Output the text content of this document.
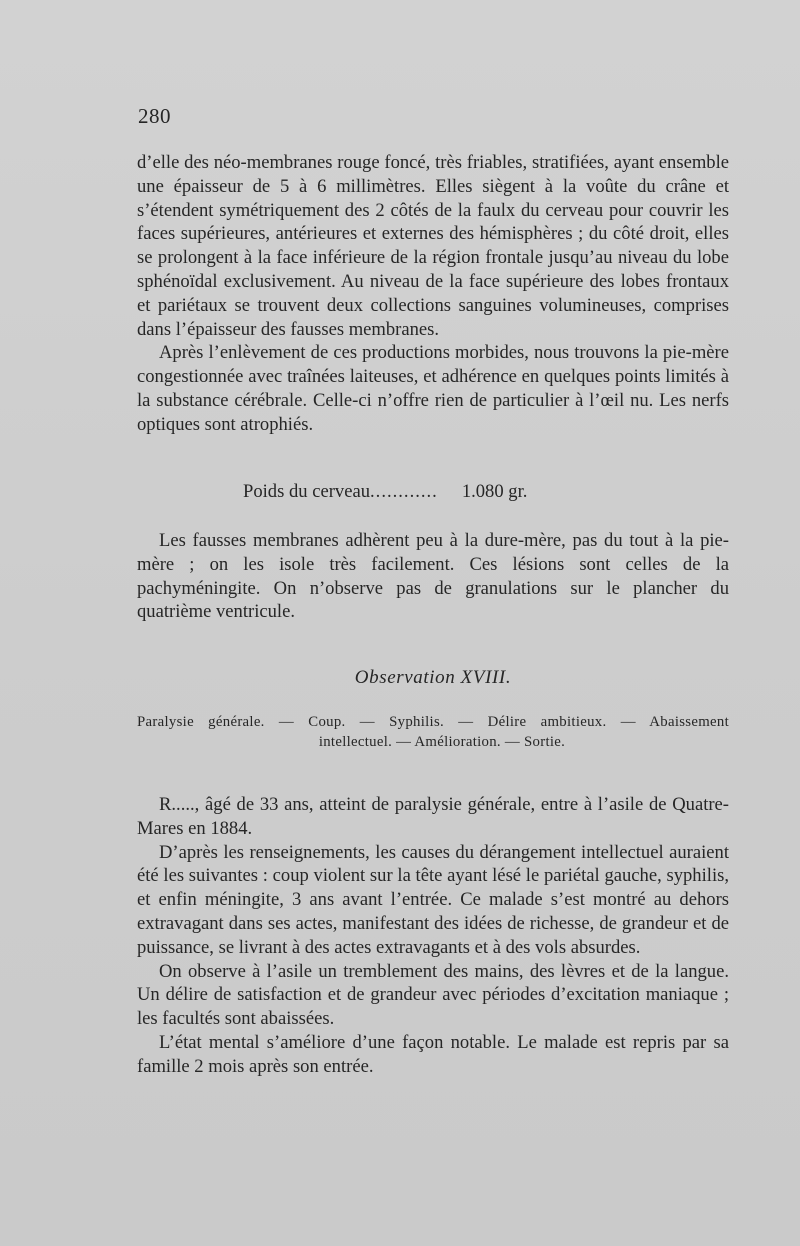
280

d’elle des néo-membranes rouge foncé, très friables, stratifiées, ayant ensemble une épaisseur de 5 à 6 millimètres. Elles siègent à la voûte du crâne et s’étendent symétriquement des 2 côtés de la faulx du cerveau pour couvrir les faces supérieures, antérieures et externes des hémisphères ; du côté droit, elles se prolongent à la face inférieure de la région frontale jusqu’au niveau du lobe sphénoïdal exclusivement. Au niveau de la face supérieure des lobes frontaux et pariétaux se trouvent deux collections sanguines volumineuses, comprises dans l’épaisseur des fausses membranes.

Après l’enlèvement de ces productions morbides, nous trouvons la pie-mère congestionnée avec traînées laiteuses, et adhérence en quelques points limités à la substance cérébrale. Celle-ci n’offre rien de particulier à l’œil nu. Les nerfs optiques sont atrophiés.

Poids du cerveau............ 1.080 gr.

Les fausses membranes adhèrent peu à la dure-mère, pas du tout à la pie-mère ; on les isole très facilement. Ces lésions sont celles de la pachyméningite. On n’observe pas de granulations sur le plancher du quatrième ventricule.

Observation XVIII.
Paralysie générale. — Coup. — Syphilis. — Délire ambitieux. — Abaissement
intellectuel. — Amélioration. — Sortie.

R....., âgé de 33 ans, atteint de paralysie générale, entre à l’asile de Quatre-Mares en 1884.

D’après les renseignements, les causes du dérangement intellectuel auraient été les suivantes : coup violent sur la tête ayant lésé le pariétal gauche, syphilis, et enfin méningite, 3 ans avant l’entrée. Ce malade s’est montré au dehors extravagant dans ses actes, manifestant des idées de richesse, de grandeur et de puissance, se livrant à des actes extravagants et à des vols absurdes.

On observe à l’asile un tremblement des mains, des lèvres et de la langue. Un délire de satisfaction et de grandeur avec périodes d’excitation maniaque ; les facultés sont abaissées.

L’état mental s’améliore d’une façon notable. Le malade est repris par sa famille 2 mois après son entrée.
